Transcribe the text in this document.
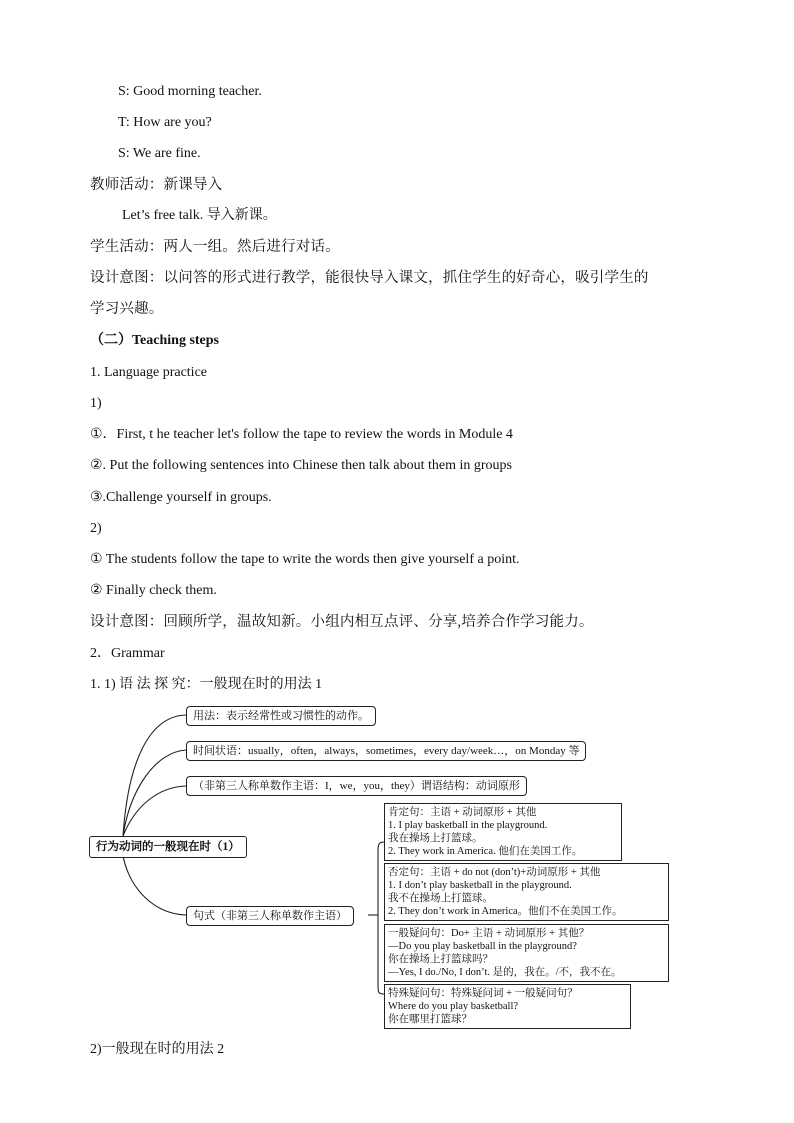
S: Good morning teacher.
T: How are you?
S: We are fine.
教师活动：新课导入
Let’s free talk. 导入新课。
学生活动：两人一组。然后进行对话。
设计意图：以问答的形式进行教学，能很快导入课文，抓住学生的好奇心，吸引学生的
学习兴趣。
（二）Teaching steps
1. Language practice
1)
①．First, t he teacher let's follow the tape to review the words in Module 4
②. Put the following sentences into Chinese then talk about them in groups
③.Challenge yourself in groups.
2)
① The students follow the tape to write the words then give yourself a point.
② Finally check them.
设计意图：回顾所学，温故知新。小组内相互点评、分享,培养合作学习能力。
2．Grammar
1. 1) 语 法 探 究：一般现在时的用法 1
2)一般现在时的用法 2
行为动词的一般现在时（1）
用法：表示经常性或习惯性的动作。
时间状语：usually，often，always，sometimes，every day/week…，on Monday 等
（非第三人称单数作主语：I，we，you，they）谓语结构：动词原形
句式（非第三人称单数作主语）
肯定句：主语 + 动词原形 + 其他
1. I play basketball in the playground.
我在操场上打篮球。
2. They work in America. 他们在美国工作。
否定句：主语 + do not (don’t)+动词原形 + 其他
1. I don’t play basketball in the playground.
我不在操场上打篮球。
2. They don’t work in America。他们不在美国工作。
一般疑问句：Do+ 主语 + 动词原形 + 其他？
—Do you play basketball in the playground?
你在操场上打篮球吗？
—Yes, I do./No, I don’t. 是的，我在。/不，我不在。
特殊疑问句：特殊疑问词 + 一般疑问句？
Where do you play basketball?
你在哪里打篮球？
